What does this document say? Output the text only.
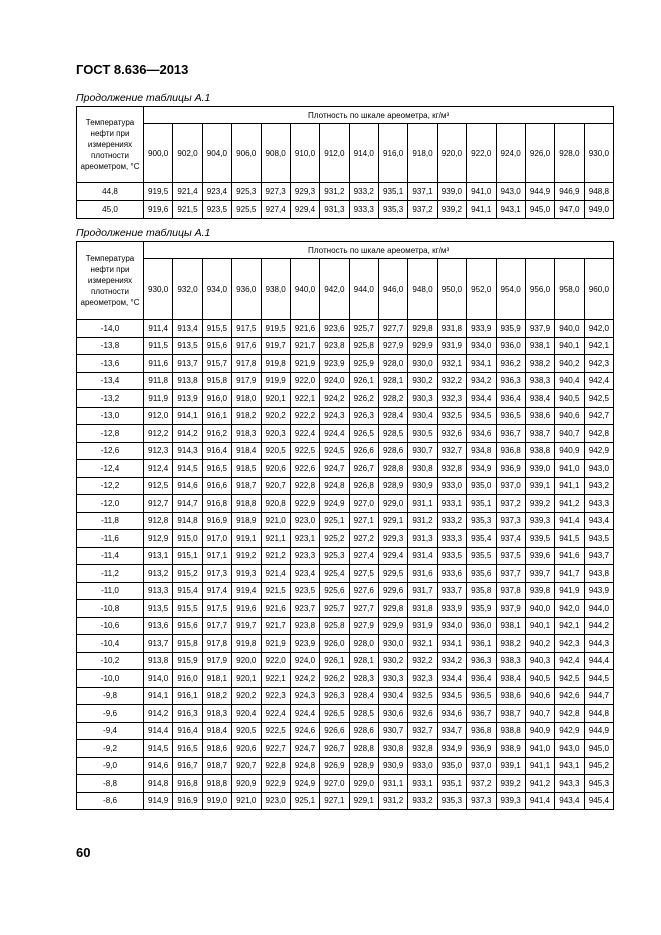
ГОСТ 8.636—2013
Продолжение таблицы А.1
Температура нефти при измерениях плотности ареометром, °С	Плотность по шкале ареометра, кг/м³															
	900,0	902,0	904,0	906,0	908,0	910,0	912,0	914,0	916,0	918,0	920,0	922,0	924,0	926,0	928,0	930,0
44,8	919,5	921,4	923,4	925,3	927,3	929,3	931,2	933,2	935,1	937,1	939,0	941,0	943,0	944,9	946,9	948,8
45,0	919,6	921,5	923,5	925,5	927,4	929,4	931,3	933,3	935,3	937,2	939,2	941,1	943,1	945,0	947,0	949,0
Продолжение таблицы А.1
Температура нефти при измерениях плотности ареометром, °С	Плотность по шкале ареометра, кг/м³															
	930,0	932,0	934,0	936,0	938,0	940,0	942,0	944,0	946,0	948,0	950,0	952,0	954,0	956,0	958,0	960,0
-14,0	911,4	913,4	915,5	917,5	919,5	921,6	923,6	925,7	927,7	929,8	931,8	933,9	935,9	937,9	940,0	942,0
-13,8	911,5	913,5	915,6	917,6	919,7	921,7	923,8	925,8	927,9	929,9	931,9	934,0	936,0	938,1	940,1	942,1
-13,6	911,6	913,7	915,7	917,8	919,8	921,9	923,9	925,9	928,0	930,0	932,1	934,1	936,2	938,2	940,2	942,3
-13,4	911,8	913,8	915,8	917,9	919,9	922,0	924,0	926,1	928,1	930,2	932,2	934,2	936,3	938,3	940,4	942,4
-13,2	911,9	913,9	916,0	918,0	920,1	922,1	924,2	926,2	928,2	930,3	932,3	934,4	936,4	938,4	940,5	942,5
-13,0	912,0	914,1	916,1	918,2	920,2	922,2	924,3	926,3	928,4	930,4	932,5	934,5	936,5	938,6	940,6	942,7
-12,8	912,2	914,2	916,2	918,3	920,3	922,4	924,4	926,5	928,5	930,5	932,6	934,6	936,7	938,7	940,7	942,8
-12,6	912,3	914,3	916,4	918,4	920,5	922,5	924,5	926,6	928,6	930,7	932,7	934,8	936,8	938,8	940,9	942,9
-12,4	912,4	914,5	916,5	918,5	920,6	922,6	924,7	926,7	928,8	930,8	932,8	934,9	936,9	939,0	941,0	943,0
-12,2	912,5	914,6	916,6	918,7	920,7	922,8	924,8	926,8	928,9	930,9	933,0	935,0	937,0	939,1	941,1	943,2
-12,0	912,7	914,7	916,8	918,8	920,8	922,9	924,9	927,0	929,0	931,1	933,1	935,1	937,2	939,2	941,2	943,3
-11,8	912,8	914,8	916,9	918,9	921,0	923,0	925,1	927,1	929,1	931,2	933,2	935,3	937,3	939,3	941,4	943,4
-11,6	912,9	915,0	917,0	919,1	921,1	923,1	925,2	927,2	929,3	931,3	933,3	935,4	937,4	939,5	941,5	943,5
-11,4	913,1	915,1	917,1	919,2	921,2	923,3	925,3	927,4	929,4	931,4	933,5	935,5	937,5	939,6	941,6	943,7
-11,2	913,2	915,2	917,3	919,3	921,4	923,4	925,4	927,5	929,5	931,6	933,6	935,6	937,7	939,7	941,7	943,8
-11,0	913,3	915,4	917,4	919,4	921,5	923,5	925,6	927,6	929,6	931,7	933,7	935,8	937,8	939,8	941,9	943,9
-10,8	913,5	915,5	917,5	919,6	921,6	923,7	925,7	927,7	929,8	931,8	933,9	935,9	937,9	940,0	942,0	944,0
-10,6	913,6	915,6	917,7	919,7	921,7	923,8	925,8	927,9	929,9	931,9	934,0	936,0	938,1	940,1	942,1	944,2
-10,4	913,7	915,8	917,8	919,8	921,9	923,9	926,0	928,0	930,0	932,1	934,1	936,1	938,2	940,2	942,3	944,3
-10,2	913,8	915,9	917,9	920,0	922,0	924,0	926,1	928,1	930,2	932,2	934,2	936,3	938,3	940,3	942,4	944,4
-10,0	914,0	916,0	918,1	920,1	922,1	924,2	926,2	928,3	930,3	932,3	934,4	936,4	938,4	940,5	942,5	944,5
-9,8	914,1	916,1	918,2	920,2	922,3	924,3	926,3	928,4	930,4	932,5	934,5	936,5	938,6	940,6	942,6	944,7
-9,6	914,2	916,3	918,3	920,4	922,4	924,4	926,5	928,5	930,6	932,6	934,6	936,7	938,7	940,7	942,8	944,8
-9,4	914,4	916,4	918,4	920,5	922,5	924,6	926,6	928,6	930,7	932,7	934,7	936,8	938,8	940,9	942,9	944,9
-9,2	914,5	916,5	918,6	920,6	922,7	924,7	926,7	928,8	930,8	932,8	934,9	936,9	938,9	941,0	943,0	945,0
-9,0	914,6	916,7	918,7	920,7	922,8	924,8	926,9	928,9	930,9	933,0	935,0	937,0	939,1	941,1	943,1	945,2
-8,8	914,8	916,8	918,8	920,9	922,9	924,9	927,0	929,0	931,1	933,1	935,1	937,2	939,2	941,2	943,3	945,3
-8,6	914,9	916,9	919,0	921,0	923,0	925,1	927,1	929,1	931,2	933,2	935,3	937,3	939,3	941,4	943,4	945,4
60
